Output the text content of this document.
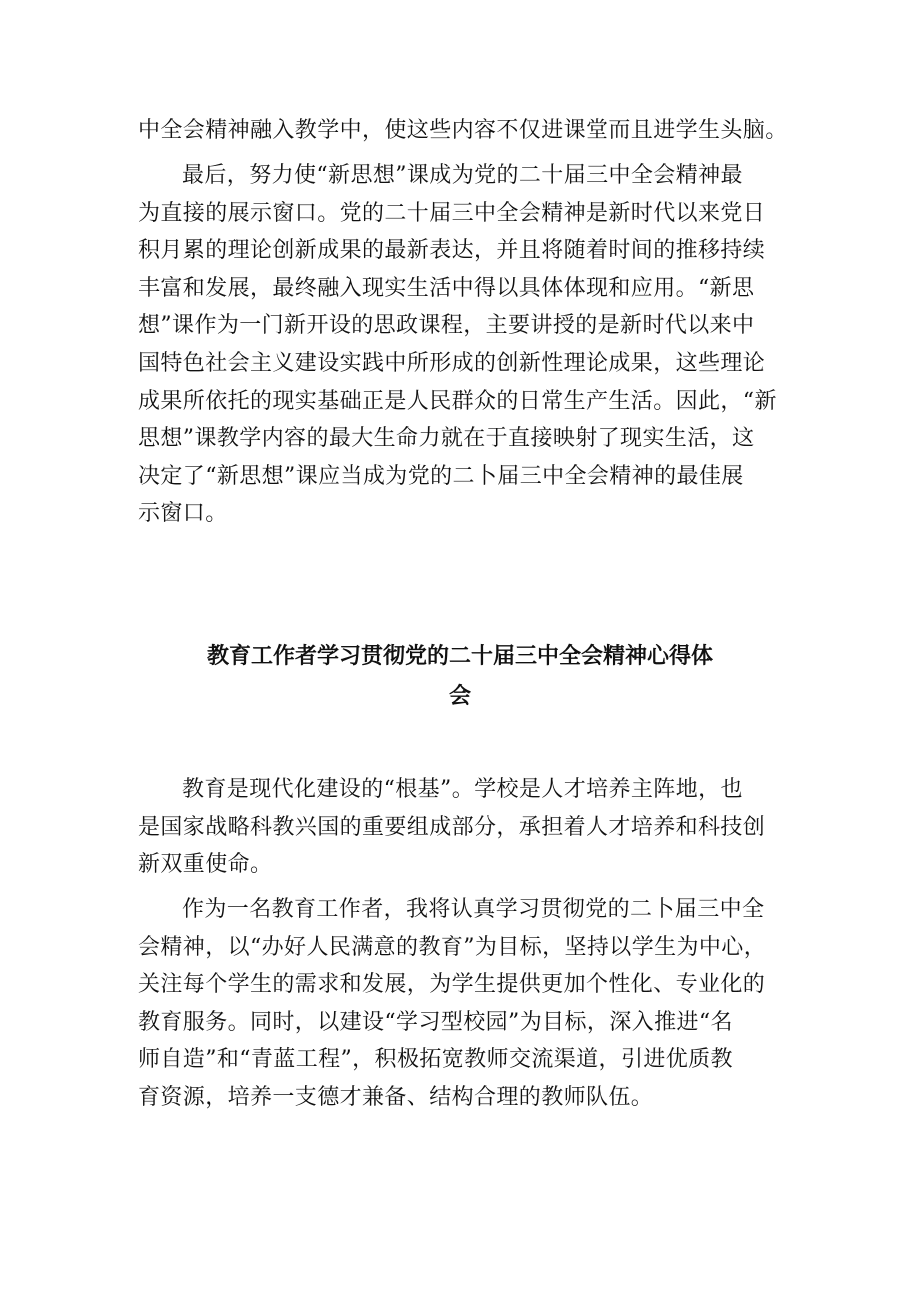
中全会精神融入教学中，使这些内容不仅进课堂而且进学生头脑。
最后，努力使“新思想”课成为党的二十届三中全会精神最
为直接的展示窗口。党的二十届三中全会精神是新时代以来党日
积月累的理论创新成果的最新表达，并且将随着时间的推移持续
丰富和发展，最终融入现实生活中得以具体体现和应用。“新思
想”课作为一门新开设的思政课程，主要讲授的是新时代以来中
国特色社会主义建设实践中所形成的创新性理论成果，这些理论
成果所依托的现实基础正是人民群众的日常生产生活。因此，“新
思想”课教学内容的最大生命力就在于直接映射了现实生活，这
决定了“新思想”课应当成为党的二卜届三中全会精神的最佳展
示窗口。
教育工作者学习贯彻党的二十届三中全会精神心得体
会
教育是现代化建设的“根基”。学校是人才培养主阵地，也
是国家战略科教兴国的重要组成部分，承担着人才培养和科技创
新双重使命。
作为一名教育工作者，我将认真学习贯彻党的二卜届三中全
会精神，以“办好人民满意的教育”为目标，坚持以学生为中心，
关注每个学生的需求和发展，为学生提供更加个性化、专业化的
教育服务。同时，以建设“学习型校园”为目标，深入推进“名
师自造”和“青蓝工程”，积极拓宽教师交流渠道，引进优质教
育资源，培养一支德才兼备、结构合理的教师队伍。
